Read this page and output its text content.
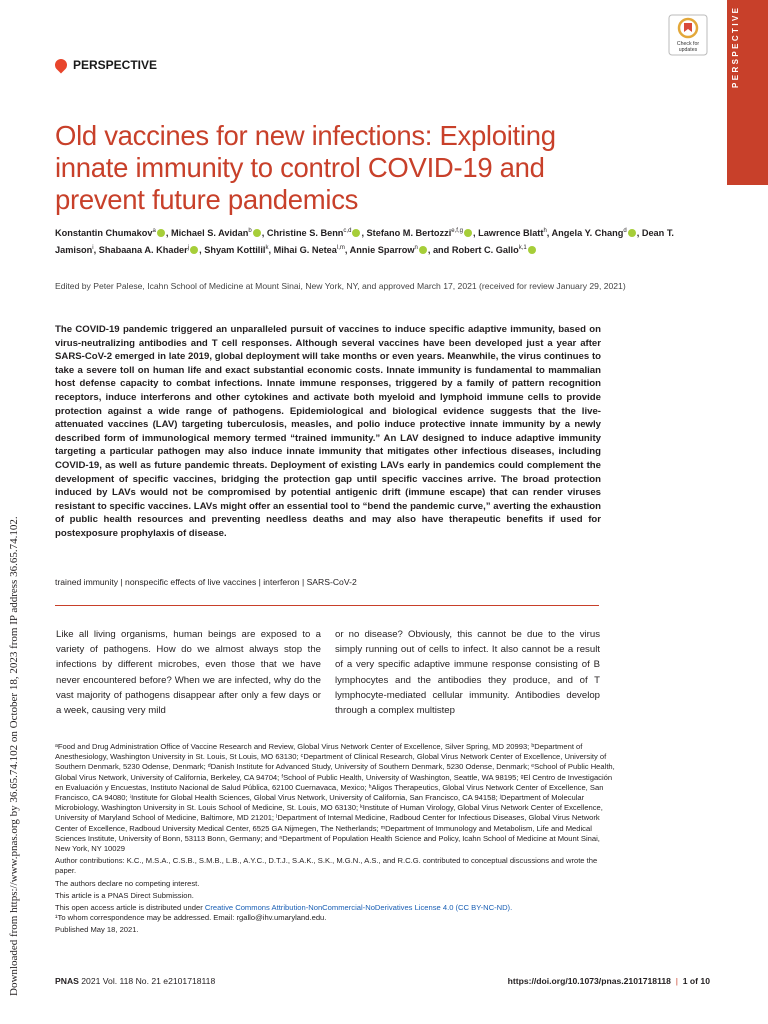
PERSPECTIVE
Check for
updates
PERSPECTIVE
Old vaccines for new infections: Exploiting innate immunity to control COVID-19 and prevent future pandemics
Konstantin Chumakov$^a$ , Michael S. Avidan$^b$ , Christine S. Benn$^{c,d}$ , Stefano M. Bertozzi$^{e,f,g}$ , Lawrence Blatt$^h$, Angela Y. Chang$^d$ , Dean T. Jamison$^i$, Shabaana A. Khader$^j$ , Shyam Kottilil$^k$, Mihai G. Netea$^{l,m}$, Annie Sparrow$^n$ , and Robert C. Gallo$^{k,1}$
Edited by Peter Palese, Icahn School of Medicine at Mount Sinai, New York, NY, and approved March 17, 2021 (received for review January 29, 2021)
The COVID-19 pandemic triggered an unparalleled pursuit of vaccines to induce specific adaptive immunity, based on virus-neutralizing antibodies and T cell responses. Although several vaccines have been developed just a year after SARS-CoV-2 emerged in late 2019, global deployment will take months or even years. Meanwhile, the virus continues to take a severe toll on human life and exact substantial economic costs. Innate immunity is fundamental to mammalian host defense capacity to combat infections. Innate immune responses, triggered by a family of pattern recognition receptors, induce interferons and other cytokines and activate both myeloid and lymphoid immune cells to provide protection against a wide range of pathogens. Epidemiological and biological evidence suggests that the live-attenuated vaccines (LAV) targeting tuberculosis, measles, and polio induce protective innate immunity by a newly described form of immunological memory termed “trained immunity.” An LAV designed to induce adaptive immunity targeting a particular pathogen may also induce innate immunity that mitigates other infectious diseases, including COVID-19, as well as future pandemic threats. Deployment of existing LAVs early in pandemics could complement the development of specific vaccines, bridging the protection gap until specific vaccines arrive. The broad protection induced by LAVs would not be compromised by potential antigenic drift (immune escape) that can render viruses resistant to specific vaccines. LAVs might offer an essential tool to “bend the pandemic curve,” averting the exhaustion of public health resources and preventing needless deaths and may also have therapeutic benefits if used for postexposure prophylaxis of disease.
trained immunity | nonspecific effects of live vaccines | interferon | SARS-CoV-2
Like all living organisms, human beings are exposed to a variety of pathogens. How do we almost always stop the infections by different microbes, even those that we have never encountered before? When we are infected, why do the vast majority of pathogens disappear after only a few days or a week, causing very mild
or no disease? Obviously, this cannot be due to the virus simply running out of cells to infect. It also cannot be a result of a very specific adaptive immune response consisting of B lymphocytes and the antibodies they produce, and of T lymphocyte-mediated cellular immunity. Antibodies develop through a complex multistep

ᵃFood and Drug Administration Office of Vaccine Research and Review, Global Virus Network Center of Excellence, Silver Spring, MD 20993; ᵇDepartment of Anesthesiology, Washington University in St. Louis, St Louis, MO 63130; ᶜDepartment of Clinical Research, Global Virus Network Center of Excellence, University of Southern Denmark, 5230 Odense, Denmark; ᵈDanish Institute for Advanced Study, University of Southern Denmark, 5230 Odense, Denmark; ᵉSchool of Public Health, Global Virus Network, University of California, Berkeley, CA 94704; ᶠSchool of Public Health, University of Washington, Seattle, WA 98195; ᵍEl Centro de Investigación en Evaluación y Encuestas, Instituto Nacional de Salud Pública, 62100 Cuernavaca, Mexico; ʰAligos Therapeutics, Global Virus Network Center of Excellence, San Francisco, CA 94080; ⁱInstitute for Global Health Sciences, Global Virus Network, University of California, San Francisco, CA 94158; ʲDepartment of Molecular Microbiology, Washington University in St. Louis School of Medicine, St. Louis, MO 63130; ᵏInstitute of Human Virology, Global Virus Network Center of Excellence, University of Maryland School of Medicine, Baltimore, MD 21201; ˡDepartment of Internal Medicine, Radboud Center for Infectious Diseases, Global Virus Network Center of Excellence, Radboud University Medical Center, 6525 GA Nijmegen, The Netherlands; ᵐDepartment of Immunology and Metabolism, Life and Medical Sciences Institute, University of Bonn, 53113 Bonn, Germany; and ⁿDepartment of Population Health Science and Policy, Icahn School of Medicine at Mount Sinai, New York, NY 10029

Author contributions: K.C., M.S.A., C.S.B., S.M.B., L.B., A.Y.C., D.T.J., S.A.K., S.K., M.G.N., A.S., and R.C.G. contributed to conceptual discussions and wrote the paper.

The authors declare no competing interest.

This article is a PNAS Direct Submission.

This open access article is distributed under Creative Commons Attribution-NonCommercial-NoDerivatives License 4.0 (CC BY-NC-ND).

¹To whom correspondence may be addressed. Email: rgallo@ihv.umaryland.edu.

Published May 18, 2021.

Downloaded from https://www.pnas.org by 36.65.74.102 on October 18, 2023 from IP address 36.65.74.102.	PNAS 2021 Vol. 118 No. 21 e2101718118	https://doi.org/10.1073/pnas.2101718118  |  1 of 10
